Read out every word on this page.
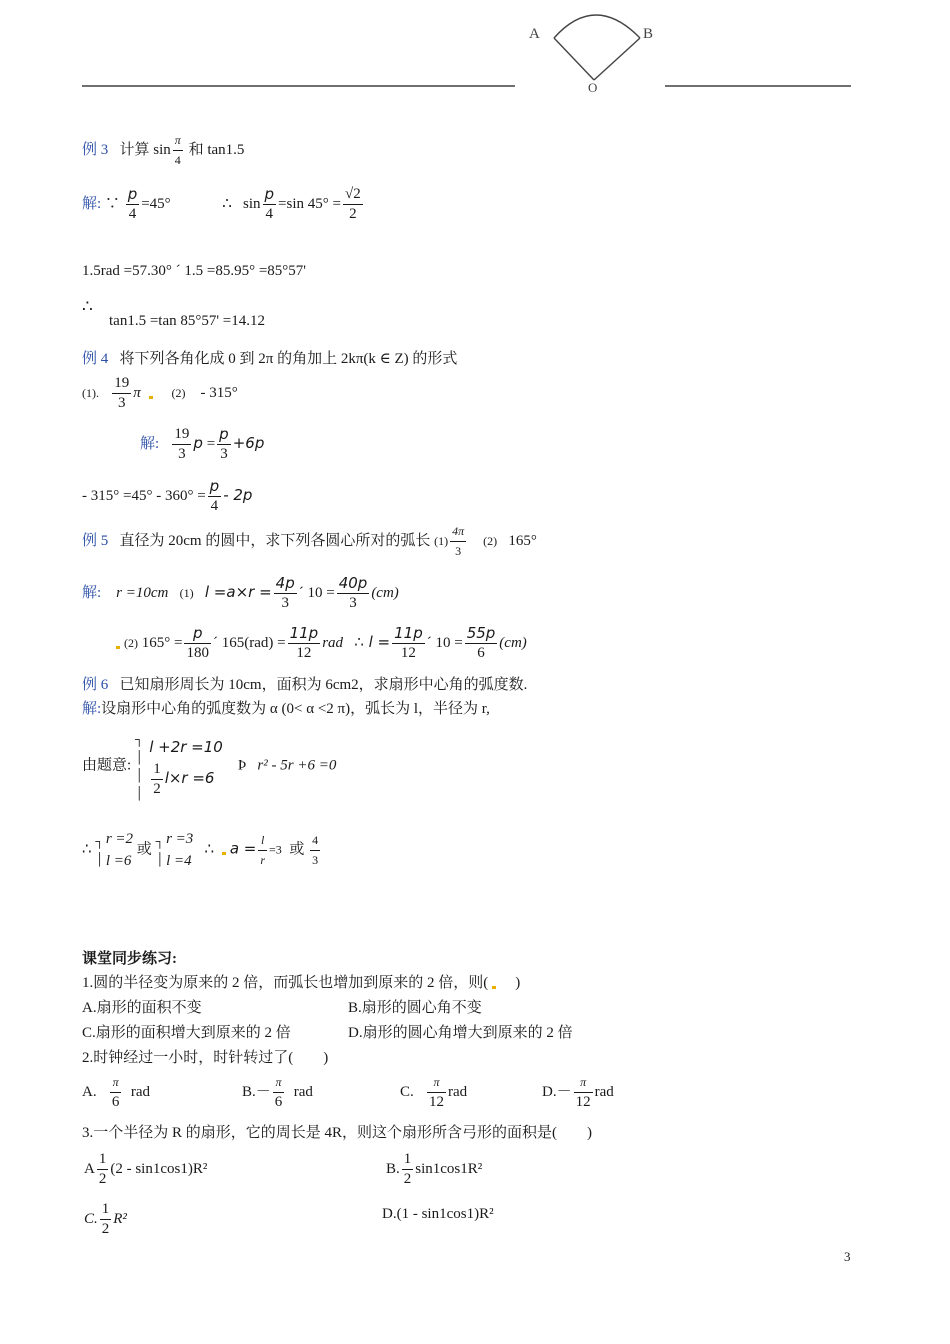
A	B
O
例 3 计算 $\sin \frac{\pi}{4}$ 和 tan1.5
解: ∵ $\frac{p}{4} =45^\circ$	∴ $\sin \frac{p}{4} =\sin$ $45^\circ = \frac{√2}{2}$
1.5rad =57.30° ´ 1.5 =85.95° =85°57'
∴
tan1.5 =tan 85°57' =14.12
例 4 将下列各角化成 0 到 2π 的角加上 2kπ(k ∈ Z) 的形式
(1). $\frac{19}{3}$ π	(2) - 315°
解: $\frac{19}{3}$ $p = \frac{p}{3} +6p$
- $315^\circ =45^\circ - 360^\circ = \frac{p}{4} - 2p$
例 5 直径为 20cm 的圆中，求下列各圆心所对的弧长 $(1) \frac{4\pi}{3} (2)$ 165°
解: r =10cm (1) $l =a\times r = \frac{4p}{3}$ ´ $10 = \frac{40p}{3} (cm)$
(2) $165^\circ = \frac{p}{180}$ ´ $165(rad) = \frac{11p}{12}$ rad ∴ $l = \frac{11p}{12}$ ´ $10 = \frac{55p}{6} (cm)$
例 6 已知扇形周长为 10cm，面积为 6cm2，求扇形中心角的弧度数.
解:设扇形中心角的弧度数为 α (0< α <2 π)，弧长为 l，半径为 r,
由题意: ┐
│
│
│
l +2r =10
$\frac{1}{2} l\times r =6$
Þ r² - 5r +6 =0
∴ ┐
│
r =2
l =6
或 ┐
│
r =3
l =4
∴ $a = \frac{l}{r} =3$ 或 $\frac{4}{3}$
课堂同步练习:
1.圆的半径变为原来的 2 倍，而弧长也增加到原来的 2 倍，则( )
A.扇形的面积不变	B.扇形的圆心角不变
C.扇形的面积增大到原来的 2 倍	D.扇形的圆心角增大到原来的 2 倍
2.时钟经过一小时，时针转过了(　　)
A. $\frac{\pi}{6}$ rad	$B.- \frac{\pi}{6}$ rad	C. $\frac{\pi}{12}$ rad	$D.- \frac{\pi}{12}$ rad
3.一个半径为 R 的扇形，它的周长是 4R，则这个扇形所含弓形的面积是(　　)
A $\frac{1}{2} (2 - \sin 1\cos 1)R^2$	B. $\frac{1}{2} \sin 1\cos 1R^2$
C. $\frac{1}{2} R^2$	D.(1 - sin1cos1)R²
3
